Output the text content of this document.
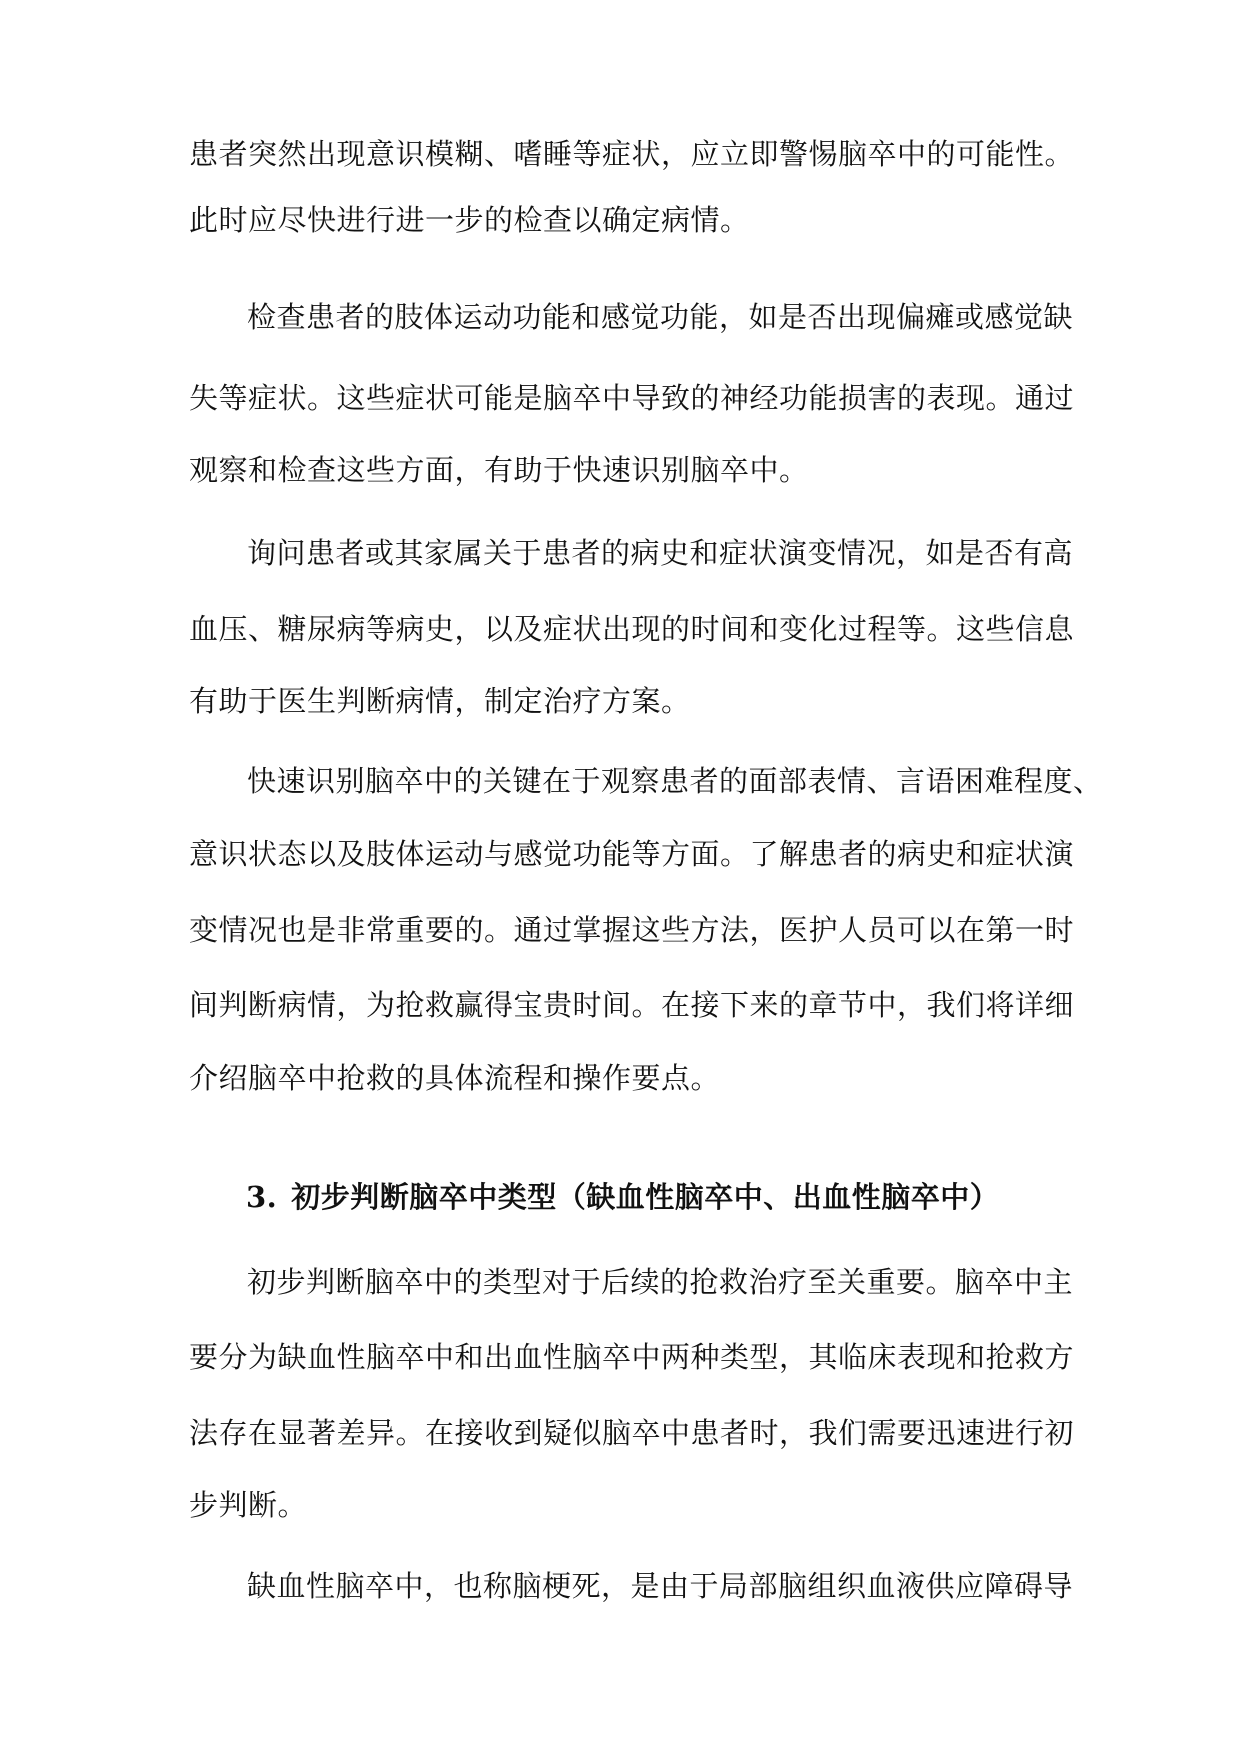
患者突然出现意识模糊、嗜睡等症状，应立即警惕脑卒中的可能性。
此时应尽快进行进一步的检查以确定病情。
检查患者的肢体运动功能和感觉功能，如是否出现偏瘫或感觉缺
失等症状。这些症状可能是脑卒中导致的神经功能损害的表现。通过
观察和检查这些方面，有助于快速识别脑卒中。
询问患者或其家属关于患者的病史和症状演变情况，如是否有高
血压、糖尿病等病史，以及症状出现的时间和变化过程等。这些信息
有助于医生判断病情，制定治疗方案。
快速识别脑卒中的关键在于观察患者的面部表情、言语困难程度、
意识状态以及肢体运动与感觉功能等方面。了解患者的病史和症状演
变情况也是非常重要的。通过掌握这些方法，医护人员可以在第一时
间判断病情，为抢救赢得宝贵时间。在接下来的章节中，我们将详细
介绍脑卒中抢救的具体流程和操作要点。
3. 初步判断脑卒中类型（缺血性脑卒中、出血性脑卒中）
初步判断脑卒中的类型对于后续的抢救治疗至关重要。脑卒中主
要分为缺血性脑卒中和出血性脑卒中两种类型，其临床表现和抢救方
法存在显著差异。在接收到疑似脑卒中患者时，我们需要迅速进行初
步判断。
缺血性脑卒中，也称脑梗死，是由于局部脑组织血液供应障碍导
